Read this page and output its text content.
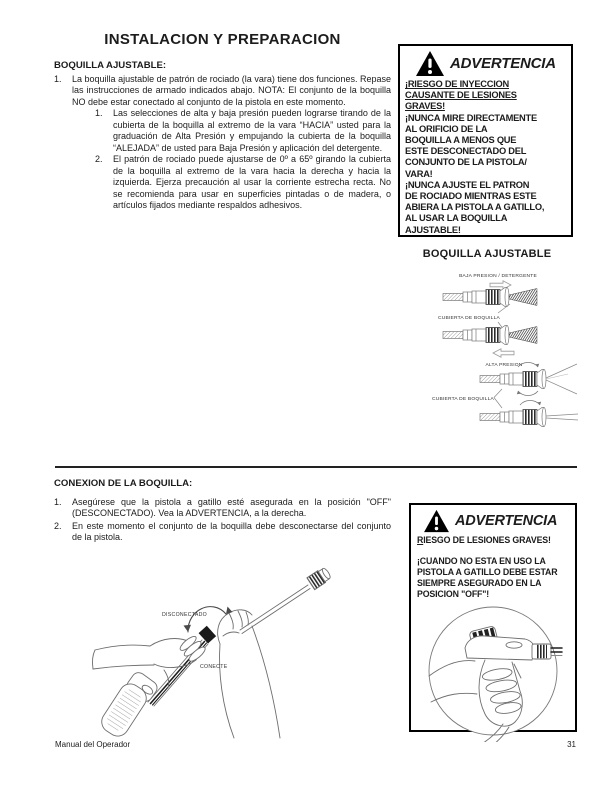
INSTALACION Y PREPARACION
BOQUILLA AJUSTABLE:
1.	La boquilla ajustable de patrón de rociado (la vara) tiene dos funciones. Repase las instrucciones de armado indicados abajo. NOTA: El conjunto de la boquilla NO debe estar conectado al conjunto de la pistola en este momento.
1.	Las selecciones de alta y baja presión pueden lograrse tirando de la cubierta de la boquilla al extremo de la vara “HACIA” usted para la graduación de Alta Presión y empujando la cubierta de la boquilla “ALEJADA” de usted para Baja Presión y aplicación del detergente.
2.	El patrón de rociado puede ajustarse de 0º a 65º girando la cubierta de la boquilla al extremo de la vara hacia la derecha y hacia la izquierda. Ejerza precaución al usar la corriente estrecha recta. No se recomienda para usar en superficies pintadas o de madera, o artículos fijados mediante respaldos adhesivos.
ADVERTENCIA
¡RIESGO DE INYECCION
CAUSANTE DE LESIONES
GRAVES!
¡NUNCA MIRE DIRECTAMENTE
AL ORIFICIO DE LA
BOQUILLA A MENOS QUE
ESTE DESCONECTADO DEL
CONJUNTO DE LA PISTOLA/
VARA!
¡NUNCA AJUSTE EL PATRON
DE ROCIADO MIENTRAS ESTE
ABIERA LA PISTOLA A GATILLO,
AL USAR LA BOQUILLA
AJUSTABLE!
BOQUILLA AJUSTABLE
BAJA PRESION / DETERGENTE
CUBIERTA DE BOQUILLA
ALTA PRESION
CUBIERTA DE BOQUILLA
CONEXION DE LA BOQUILLA:
1.	Asegúrese que la pistola a gatillo esté asegurada en la posición "OFF" (DESCONECTADO). Vea la ADVERTENCIA, a la derecha.
2.	En este momento el conjunto de la boquilla debe desconectarse del conjunto de la pistola.
DISCONECTADO
CONECTE
ADVERTENCIA
RIESGO DE LESIONES GRAVES!
¡CUANDO NO ESTA EN USO LA
PISTOLA A GATILLO DEBE ESTAR
SIEMPRE ASEGURADO EN LA
POSICION "OFF"!
Manual del Operador	31
